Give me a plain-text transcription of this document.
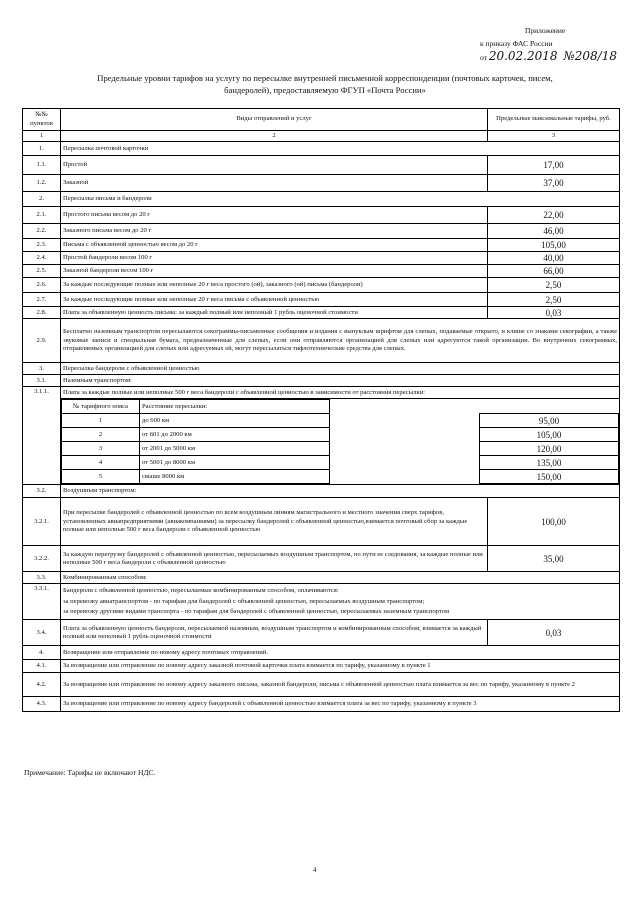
Приложение
к приказу ФАС России
от 20.02.2018 №208/18
Предельные уровни тарифов на услугу по пересылке внутренней письменной корреспонденции (почтовых карточек, писем,
бандеролей), предоставляемую ФГУП «Почта России»
№№ пунктов	Виды отправлений и услуг	Предельные максимальные тарифы, руб.
1	2	3
1.	Пересылка почтовой карточки
1.1.	Простой	17,00
1.2.	Заказной	37,00
2.	Пересылка письма и бандероли
2.1.	Простого письма весом до 20 г	22,00
2.2.	Заказного письма весом до 20 г	46,00
2.3.	Письма с объявленной ценностью весом до 20 г	105,00
2.4.	Простой бандероли весом 100 г	40,00
2.5.	Заказной бандероли весом 100 г	66,00
2.6.	За каждые последующие полные или неполные 20 г веса простого (ой), заказного (ой) письма (бандероли)	2,50
2.7.	За каждые последующие полные или неполные 20 г веса письма с объявленной ценностью	2,50
2.8.	Плата за объявленную ценность письма: за каждый полный или неполный 1 рубль оценочной стоимости	0,03
2.9.	Бесплатно наземным транспортом пересылаются секограммы-письменные сообщения и издания с выпуклым шрифтом для слепых, подаваемые открыто, и клише со знаками секографии, а также звуковые записи и специальная бумага, предназначенные для слепых, если они отправляются организацией для слепых или адресуются такой организации. Во внутренних секограммах, отправляемых организацией для слепых или адресуемых ей, могут пересылаться тифлотехнические средства для слепых.
3.	Пересылка бандероли с объявленной ценностью
3.1.	Наземным транспортом:
3.1.1.	Плата за каждые полные или неполные 500 г веса бандероли с объявленной ценностью в зависимости от расстояния пересылки:

№ тарифного пояса	Расстояние пересылки:		
1	до 600 км		95,00
2	от 601 до 2000 км		105,00
3	от 2001 до 5000 км		120,00
4	от 5001 до 8000 км		135,00
5	свыше 8000 км		150,00

3.2.	Воздушным транспортом:
3.2.1.	При пересылке бандеролей с объявленной ценностью по всем воздушным линиям магистрального и местного значения сверх тарифов, установленных авиапредприятиями (авиакомпаниями) за пересылку бандеролей с объявленной ценностью,взимается почтовый сбор за каждые полные или неполные 500 г веса бандероли с объявленной ценностью	100,00
3.2.2.	За каждую перегрузку бандеролей с объявленной ценностью, пересылаемых воздушным транспортом, по пути ее следования, за каждые полные или неполные 500 г веса бандероли с объявленной ценностью	35,00
3.3.	Комбинированным способом:
3.3.1.	Бандероли с объявленной ценностью, пересылаемые комбинированным способом, оплачиваются:
за перевозку авиатранспортом - по тарифам для бандеролей с объявленной ценностью, пересылаемых воздушным транспортом;
за перевозку другими видами транспорта - по тарифам для бандеролей с объявленной ценностью, пересылаемых наземным транспортом

3.4.	Плата за объявленную ценность бандероли, пересылаемой наземным, воздушным транспортом и комбинированным способом, взимается за каждый полный или неполный 1 рубль оценочной стоимости	0,03
4.	Возвращение или отправление по новому адресу почтовых отправлений.
4.1.	За возвращение или отправление по новому адресу заказной почтовой карточки плата взимается по тарифу, указанному в пункте 1
4.2.	За возвращение или отправление по новому адресу заказного письма, заказной бандероли, письма с объявленной ценностью плата взимается за вес по тарифу, указанному в пункте 2
4.3.	За возвращение или отправление по новому адресу бандеролей с объявленной ценностью взимается плата за вес по тарифу, указанному в пункте 3
Примечание: Тарифы не включают НДС.
4
